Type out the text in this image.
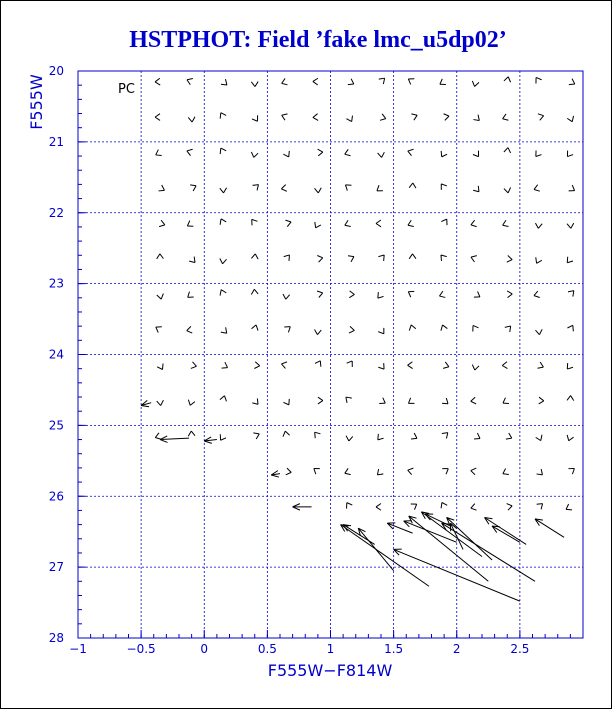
HSTPHOT: Field ’fake lmc_u5dp02’
−1	−0.5	0	0.5	1	1.5	2	2.5
20
21
22
23
24
25
26
27
28
PC
F555W−F814W
F555W
